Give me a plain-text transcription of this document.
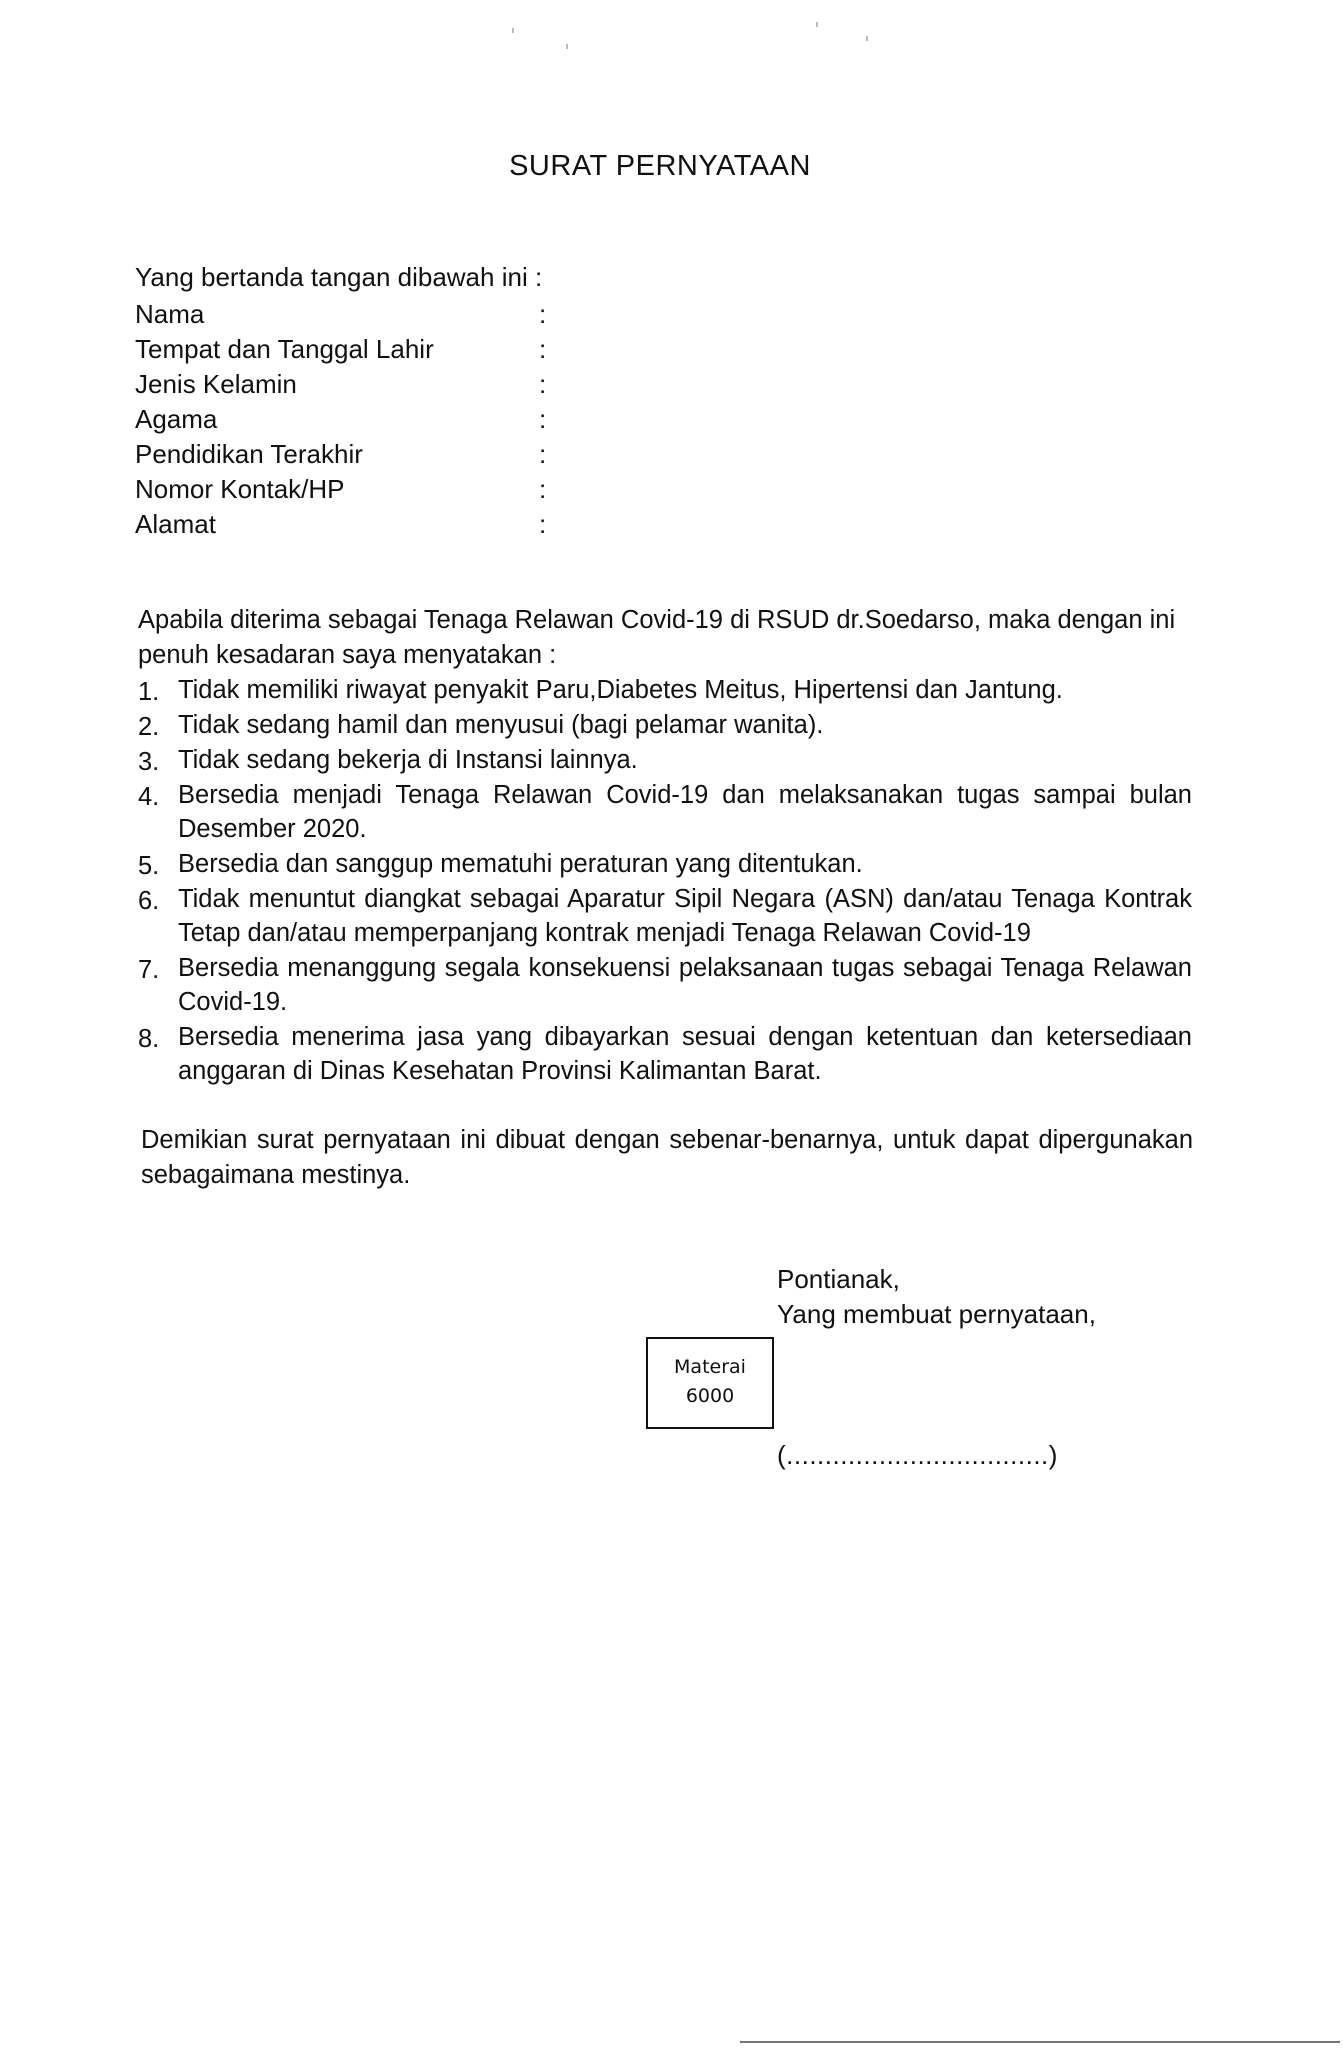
SURAT PERNYATAAN
Yang bertanda tangan dibawah ini :
Nama	:
Tempat dan Tanggal Lahir	:
Jenis Kelamin	:
Agama	:
Pendidikan Terakhir	:
Nomor Kontak/HP	:
Alamat	:
Apabila diterima sebagai Tenaga Relawan Covid-19 di RSUD dr.Soedarso, maka dengan ini penuh kesadaran saya menyatakan :
1. Tidak memiliki riwayat penyakit Paru,Diabetes Meitus, Hipertensi dan Jantung.
2. Tidak sedang hamil dan menyusui (bagi pelamar wanita).
3. Tidak sedang bekerja di Instansi lainnya.
4. Bersedia menjadi Tenaga Relawan Covid-19 dan melaksanakan tugas sampai bulan Desember 2020.
5. Bersedia dan sanggup mematuhi peraturan yang ditentukan.
6. Tidak menuntut diangkat sebagai Aparatur Sipil Negara (ASN) dan/atau Tenaga Kontrak Tetap dan/atau memperpanjang kontrak menjadi Tenaga Relawan Covid-19
7. Bersedia menanggung segala konsekuensi pelaksanaan tugas sebagai Tenaga Relawan Covid-19.
8. Bersedia menerima jasa yang dibayarkan sesuai dengan ketentuan dan ketersediaan anggaran di Dinas Kesehatan Provinsi Kalimantan Barat.
Demikian surat pernyataan ini dibuat dengan sebenar-benarnya, untuk dapat dipergunakan sebagaimana mestinya.
Pontianak,
Yang membuat pernyataan,
Materai
6000
(..................................)
